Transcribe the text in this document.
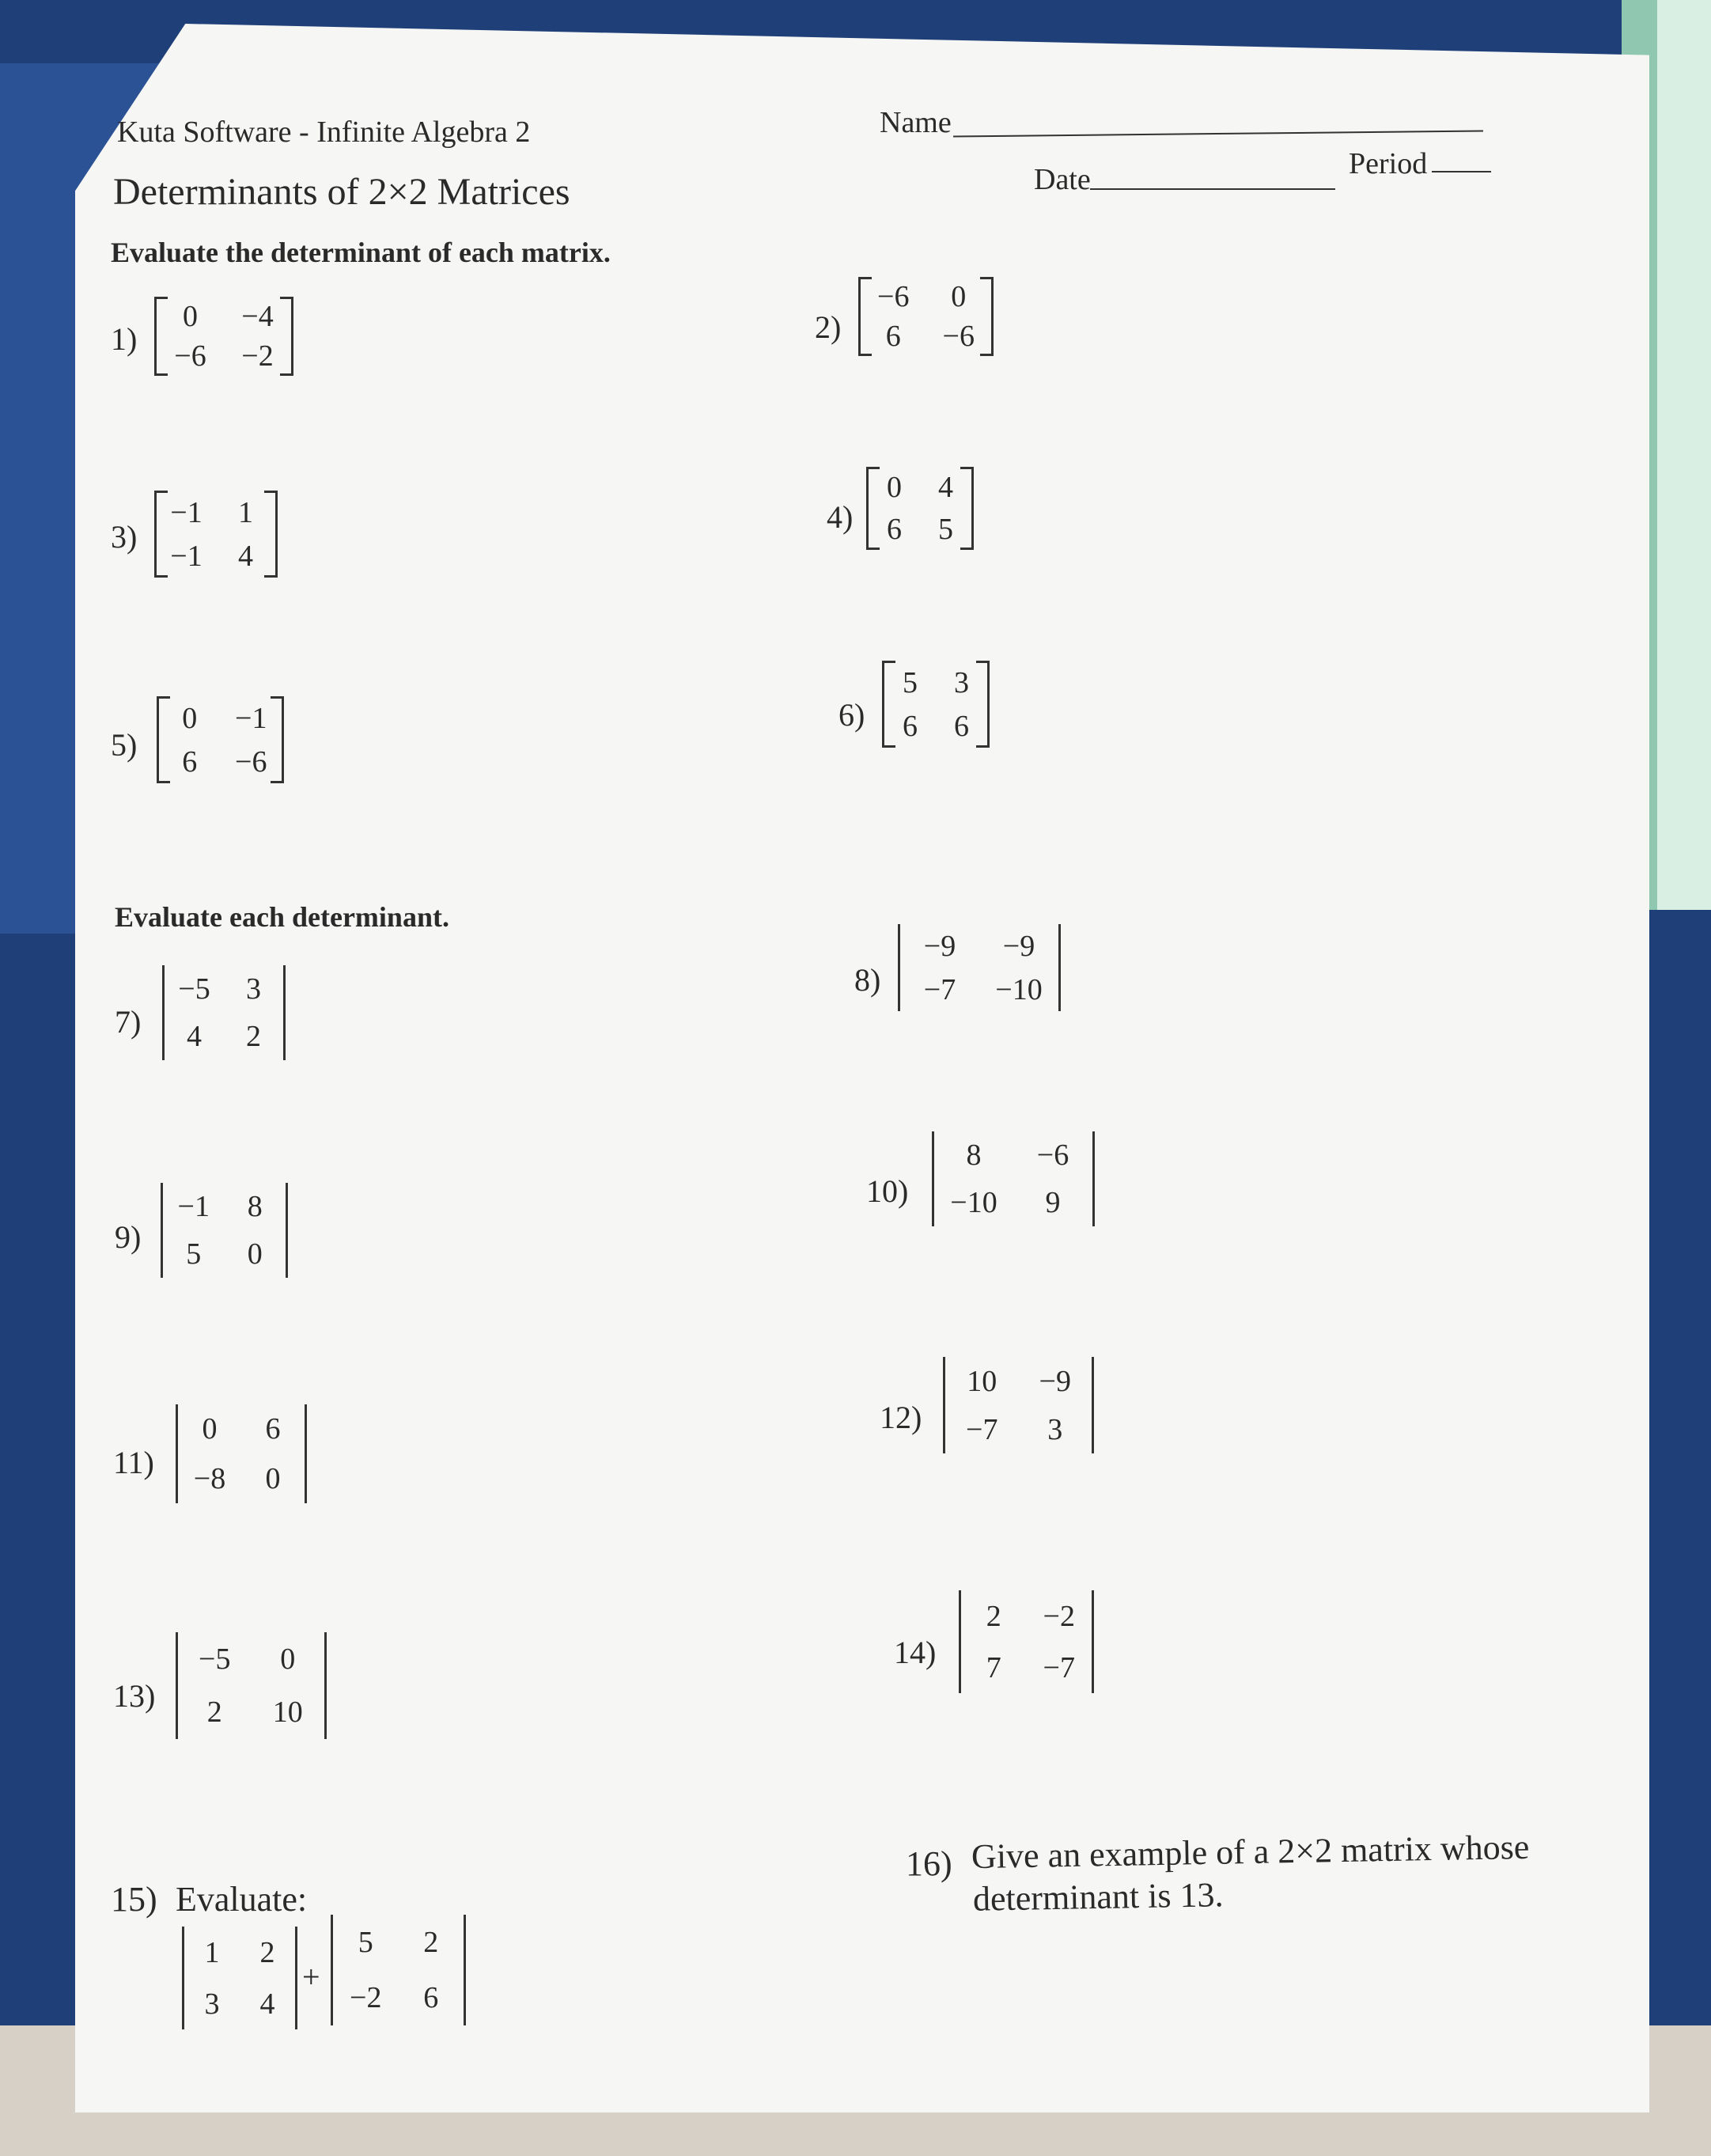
Kuta Software - Infinite Algebra 2
Determinants of 2×2 Matrices
Name
Date	Period
Evaluate the determinant of each matrix.
Evaluate each determinant.
1)
0 −4
−6 −2
2)
−6 0
6 −6
3)
−1 1
−1 4
4)
0 4
6 5
5)
0 −1
6 −6
6)
5 3
6 6
7)
−5 3
4 2
8)
−9 −9
−7 −10
9)
−1 8
5 0
10)
8 −6
−10 9
11)
0 6
−8 0
12)
10 −9
−7 3
13)
−5 0
2 10
14)
2 −2
7 −7
15) Evaluate:
1 2
3 4
+
5 2
−2 6
16) Give an example of a 2×2 matrix whose
determinant is 13.
